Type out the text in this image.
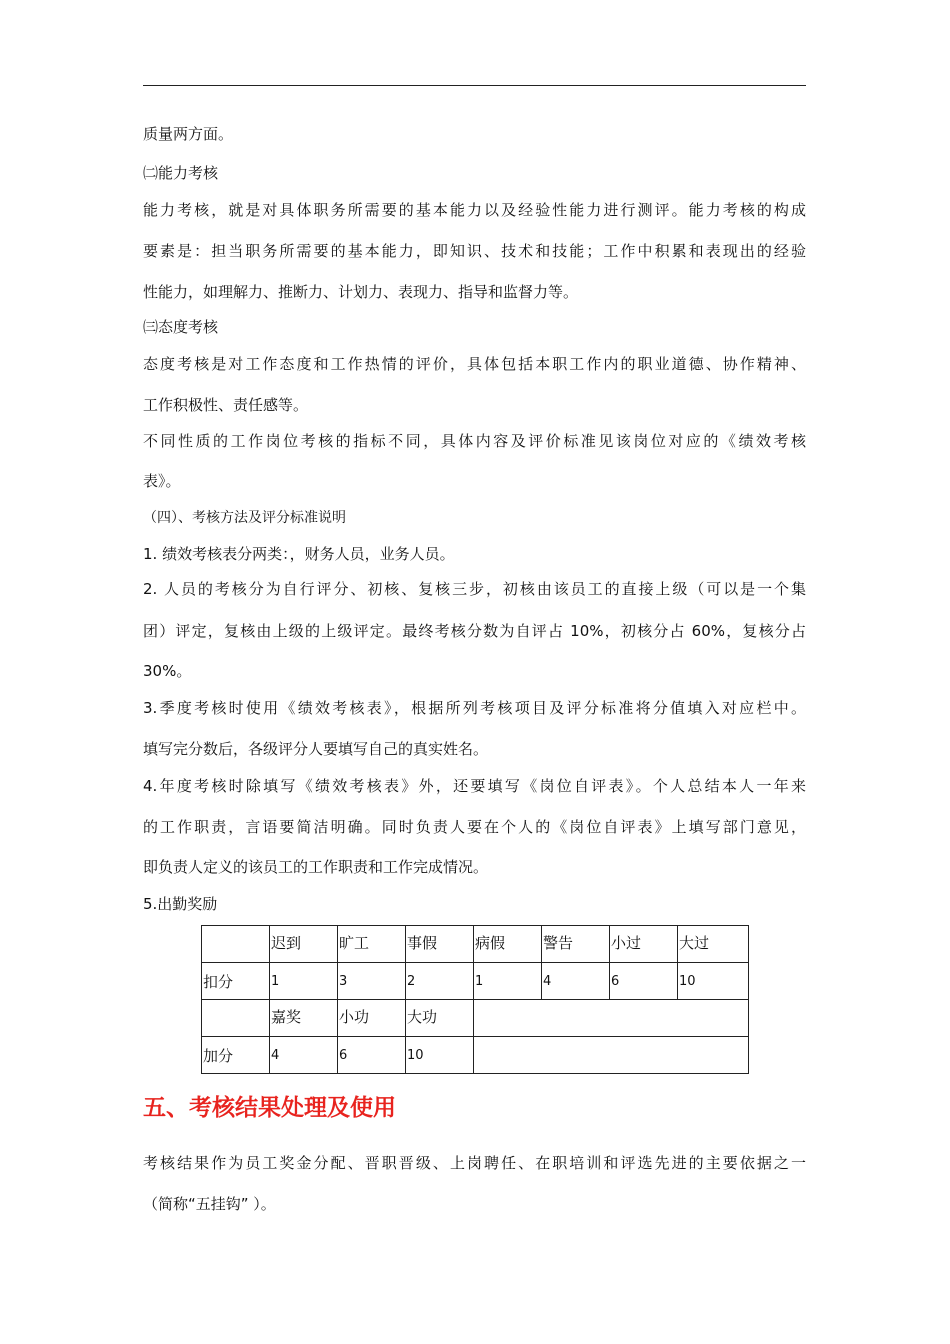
质量两方面。
㈡能力考核
能力考核，就是对具体职务所需要的基本能力以及经验性能力进行测评。能力考核的构成
要素是：担当职务所需要的基本能力，即知识、技术和技能；工作中积累和表现出的经验
性能力，如理解力、推断力、计划力、表现力、指导和监督力等。
㈢态度考核
态度考核是对工作态度和工作热情的评价，具体包括本职工作内的职业道德、协作精神、
工作积极性、责任感等。
不同性质的工作岗位考核的指标不同，具体内容及评价标准见该岗位对应的《绩效考核
表》。
（四）、考核方法及评分标准说明
1. 绩效考核表分两类：，财务人员，业务人员。
2. 人员的考核分为自行评分、初核、复核三步，初核由该员工的直接上级（可以是一个集
团）评定，复核由上级的上级评定。最终考核分数为自评占 10%，初核分占 60%，复核分占
30%。
3.季度考核时使用《绩效考核表》，根据所列考核项目及评分标准将分值填入对应栏中。
填写完分数后，各级评分人要填写自己的真实姓名。
4.年度考核时除填写《绩效考核表》外，还要填写《岗位自评表》。个人总结本人一年来
的工作职责，言语要简洁明确。同时负责人要在个人的《岗位自评表》上填写部门意见，
即负责人定义的该员工的工作职责和工作完成情况。
5.出勤奖励
	迟到	旷工	事假	病假	警告	小过	大过
扣分	1	3	2	1	4	6	10
	嘉奖	小功	大功				
加分	4	6	10				
五、考核结果处理及使用
考核结果作为员工奖金分配、晋职晋级、上岗聘任、在职培训和评选先进的主要依据之一
（简称“五挂钩” ）。
